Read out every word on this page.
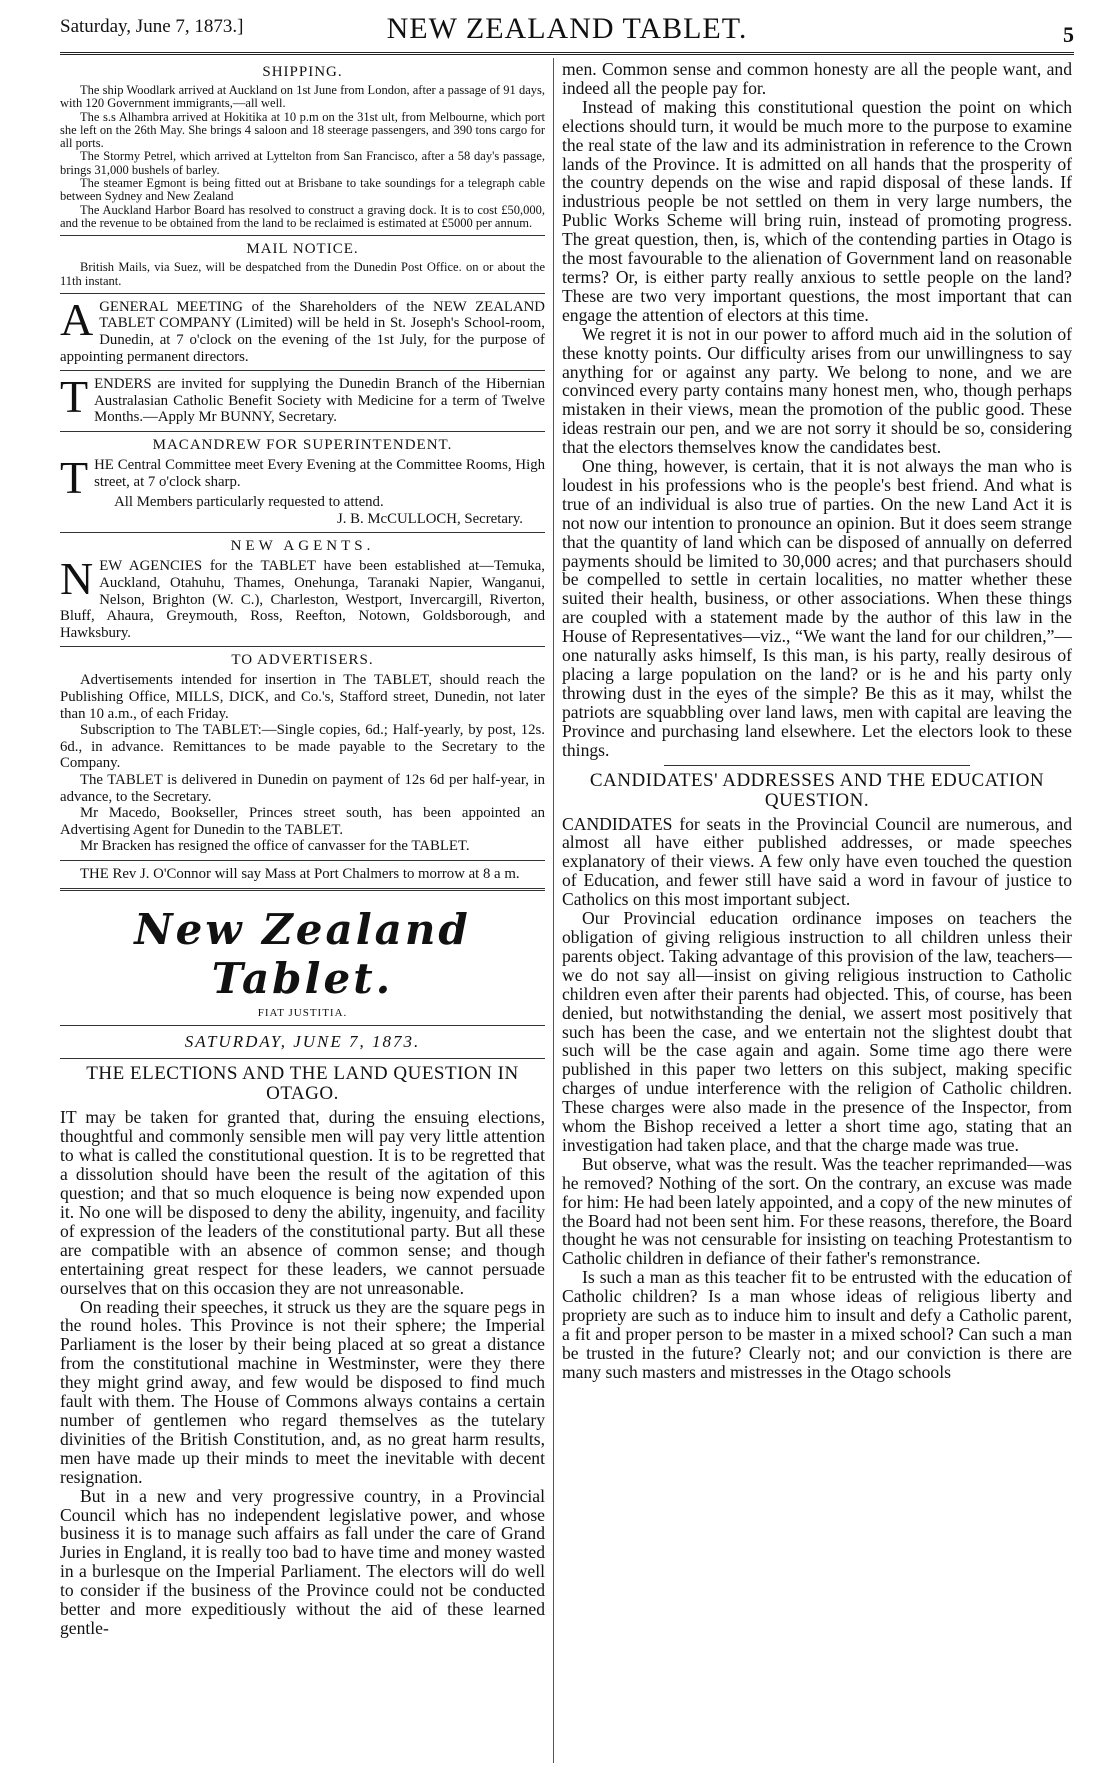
Saturday, June 7, 1873.]	NEW ZEALAND TABLET.	5
SHIPPING.

The ship Woodlark arrived at Auckland on 1st June from London, after a passage of 91 days, with 120 Government immigrants,—all well.

The s.s Alhambra arrived at Hokitika at 10 p.m on the 31st ult, from Melbourne, which port she left on the 26th May. She brings 4 saloon and 18 steerage passengers, and 390 tons cargo for all ports.

The Stormy Petrel, which arrived at Lyttelton from San Francisco, after a 58 day's passage, brings 31,000 bushels of barley.

The steamer Egmont is being fitted out at Brisbane to take soundings for a telegraph cable between Sydney and New Zealand

The Auckland Harbor Board has resolved to construct a graving dock. It is to cost £50,000, and the revenue to be obtained from the land to be reclaimed is estimated at £5000 per annum.

MAIL NOTICE.

British Mails, via Suez, will be despatched from the Dunedin Post Office. on or about the 11th instant.

AGENERAL MEETING of the Shareholders of the NEW ZEALAND TABLET COMPANY (Limited) will be held in St. Joseph's School-room, Dunedin, at 7 o'clock on the evening of the 1st July, for the purpose of appointing permanent directors.

TENDERS are invited for supplying the Dunedin Branch of the Hibernian Australasian Catholic Benefit Society with Medicine for a term of Twelve Months.—Apply Mr BUNNY, Secretary.

MACANDREW FOR SUPERINTENDENT.

THE Central Committee meet Every Evening at the Committee Rooms, High street, at 7 o'clock sharp.

All Members particularly requested to attend.

J. B. McCULLOCH, Secretary.

NEW AGENTS.

NEW AGENCIES for the TABLET have been established at—Temuka, Auckland, Otahuhu, Thames, Onehunga, Taranaki Napier, Wanganui, Nelson, Brighton (W. C.), Charleston, Westport, Invercargill, Riverton, Bluff, Ahaura, Greymouth, Ross, Reefton, Notown, Goldsborough, and Hawksbury.

TO ADVERTISERS.

Advertisements intended for insertion in The TABLET, should reach the Publishing Office, MILLS, DICK, and Co.'s, Stafford street, Dunedin, not later than 10 a.m., of each Friday.

Subscription to The TABLET:—Single copies, 6d.; Half-yearly, by post, 12s. 6d., in advance. Remittances to be made payable to the Secretary to the Company.

The TABLET is delivered in Dunedin on payment of 12s 6d per half-year, in advance, to the Secretary.

Mr Macedo, Bookseller, Princes street south, has been appointed an Advertising Agent for Dunedin to the TABLET.

Mr Bracken has resigned the office of canvasser for the TABLET.

THE Rev J. O'Connor will say Mass at Port Chalmers to morrow at 8 a m.

New Zealand Tablet.
FIAT JUSTITIA.
SATURDAY, JUNE 7, 1873.
THE ELECTIONS AND THE LAND QUESTION IN OTAGO.

IT may be taken for granted that, during the ensuing elections, thoughtful and commonly sensible men will pay very little attention to what is called the constitutional question. It is to be regretted that a dissolution should have been the result of the agitation of this question; and that so much eloquence is being now expended upon it. No one will be disposed to deny the ability, ingenuity, and facility of expression of the leaders of the constitutional party. But all these are compatible with an absence of common sense; and though entertaining great respect for these leaders, we cannot persuade ourselves that on this occasion they are not unreasonable.

On reading their speeches, it struck us they are the square pegs in the round holes. This Province is not their sphere; the Imperial Parliament is the loser by their being placed at so great a distance from the constitutional machine in Westminster, were they there they might grind away, and few would be disposed to find much fault with them. The House of Commons always contains a certain number of gentlemen who regard themselves as the tutelary divinities of the British Constitution, and, as no great harm results, men have made up their minds to meet the inevitable with decent resignation.

But in a new and very progressive country, in a Provincial Council which has no independent legislative power, and whose business it is to manage such affairs as fall under the care of Grand Juries in England, it is really too bad to have time and money wasted in a burlesque on the Imperial Parliament. The electors will do well to consider if the business of the Province could not be conducted better and more expeditiously without the aid of these learned gentle-

men. Common sense and common honesty are all the people want, and indeed all the people pay for.

Instead of making this constitutional question the point on which elections should turn, it would be much more to the purpose to examine the real state of the law and its administration in reference to the Crown lands of the Province. It is admitted on all hands that the prosperity of the country depends on the wise and rapid disposal of these lands. If industrious people be not settled on them in very large numbers, the Public Works Scheme will bring ruin, instead of promoting progress. The great question, then, is, which of the contending parties in Otago is the most favourable to the alienation of Government land on reasonable terms? Or, is either party really anxious to settle people on the land? These are two very important questions, the most important that can engage the attention of electors at this time.

We regret it is not in our power to afford much aid in the solution of these knotty points. Our difficulty arises from our unwillingness to say anything for or against any party. We belong to none, and we are convinced every party contains many honest men, who, though perhaps mistaken in their views, mean the promotion of the public good. These ideas restrain our pen, and we are not sorry it should be so, considering that the electors themselves know the candidates best.

One thing, however, is certain, that it is not always the man who is loudest in his professions who is the people's best friend. And what is true of an individual is also true of parties. On the new Land Act it is not now our intention to pronounce an opinion. But it does seem strange that the quantity of land which can be disposed of annually on deferred payments should be limited to 30,000 acres; and that purchasers should be compelled to settle in certain localities, no matter whether these suited their health, business, or other associations. When these things are coupled with a statement made by the author of this law in the House of Representatives—viz., “We want the land for our children,”—one naturally asks himself, Is this man, is his party, really desirous of placing a large population on the land? or is he and his party only throwing dust in the eyes of the simple? Be this as it may, whilst the patriots are squabbling over land laws, men with capital are leaving the Province and purchasing land elsewhere. Let the electors look to these things.

CANDIDATES' ADDRESSES AND THE EDUCATION QUESTION.

CANDIDATES for seats in the Provincial Council are numerous, and almost all have either published addresses, or made speeches explanatory of their views. A few only have even touched the question of Education, and fewer still have said a word in favour of justice to Catholics on this most important subject.

Our Provincial education ordinance imposes on teachers the obligation of giving religious instruction to all children unless their parents object. Taking advantage of this provision of the law, teachers—we do not say all—insist on giving religious instruction to Catholic children even after their parents had objected. This, of course, has been denied, but notwithstanding the denial, we assert most positively that such has been the case, and we entertain not the slightest doubt that such will be the case again and again. Some time ago there were published in this paper two letters on this subject, making specific charges of undue interference with the religion of Catholic children. These charges were also made in the presence of the Inspector, from whom the Bishop received a letter a short time ago, stating that an investigation had taken place, and that the charge made was true.

But observe, what was the result. Was the teacher reprimanded—was he removed? Nothing of the sort. On the contrary, an excuse was made for him: He had been lately appointed, and a copy of the new minutes of the Board had not been sent him. For these reasons, therefore, the Board thought he was not censurable for insisting on teaching Protestantism to Catholic children in defiance of their father's remonstrance.

Is such a man as this teacher fit to be entrusted with the education of Catholic children? Is a man whose ideas of religious liberty and propriety are such as to induce him to insult and defy a Catholic parent, a fit and proper person to be master in a mixed school? Can such a man be trusted in the future? Clearly not; and our conviction is there are many such masters and mistresses in the Otago schools
